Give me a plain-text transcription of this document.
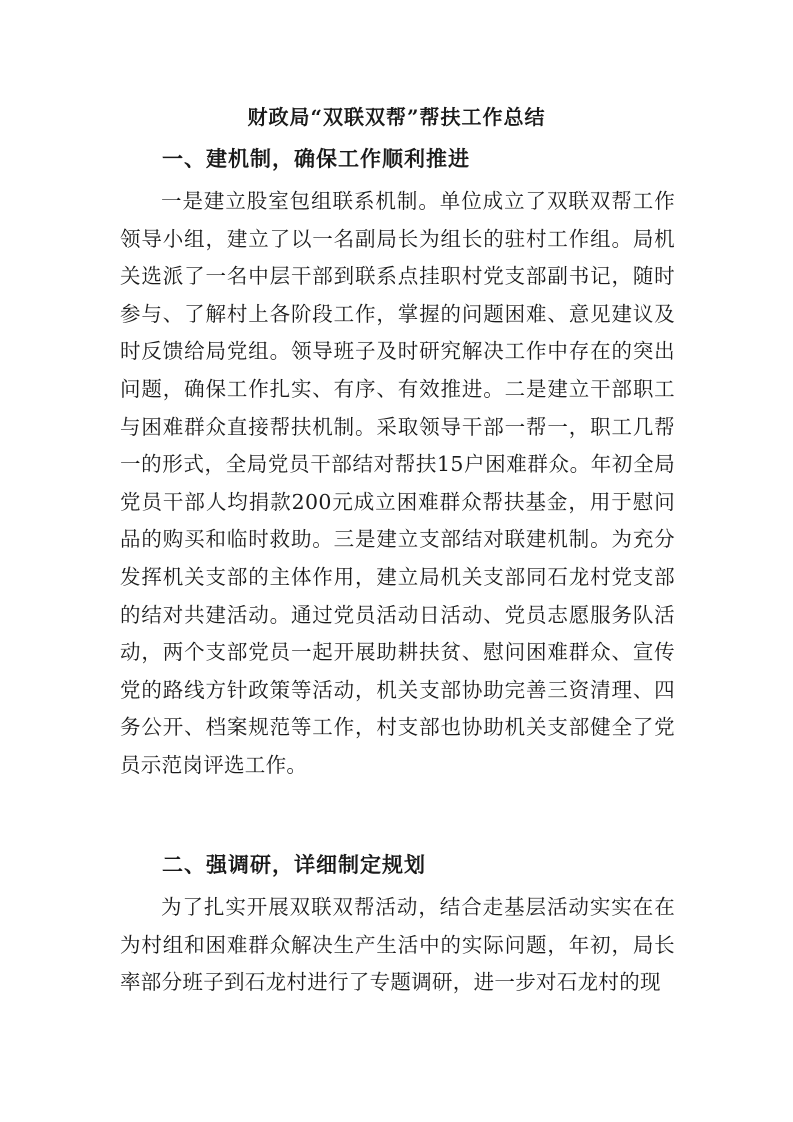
财政局“双联双帮”帮扶工作总结
一、建机制，确保工作顺利推进

一是建立股室包组联系机制。单位成立了双联双帮工作领导小组，建立了以一名副局长为组长的驻村工作组。局机关选派了一名中层干部到联系点挂职村党支部副书记，随时参与、了解村上各阶段工作，掌握的问题困难、意见建议及时反馈给局党组。领导班子及时研究解决工作中存在的突出问题，确保工作扎实、有序、有效推进。二是建立干部职工与困难群众直接帮扶机制。采取领导干部一帮一，职工几帮一的形式，全局党员干部结对帮扶15户困难群众。年初全局党员干部人均捐款200元成立困难群众帮扶基金，用于慰问品的购买和临时救助。三是建立支部结对联建机制。为充分发挥机关支部的主体作用，建立局机关支部同石龙村党支部的结对共建活动。通过党员活动日活动、党员志愿服务队活动，两个支部党员一起开展助耕扶贫、慰问困难群众、宣传党的路线方针政策等活动，机关支部协助完善三资清理、四务公开、档案规范等工作，村支部也协助机关支部健全了党员示范岗评选工作。

二、强调研，详细制定规划

为了扎实开展双联双帮活动，结合走基层活动实实在在为村组和困难群众解决生产生活中的实际问题，年初，局长率部分班子到石龙村进行了专题调研，进一步对石龙村的现
